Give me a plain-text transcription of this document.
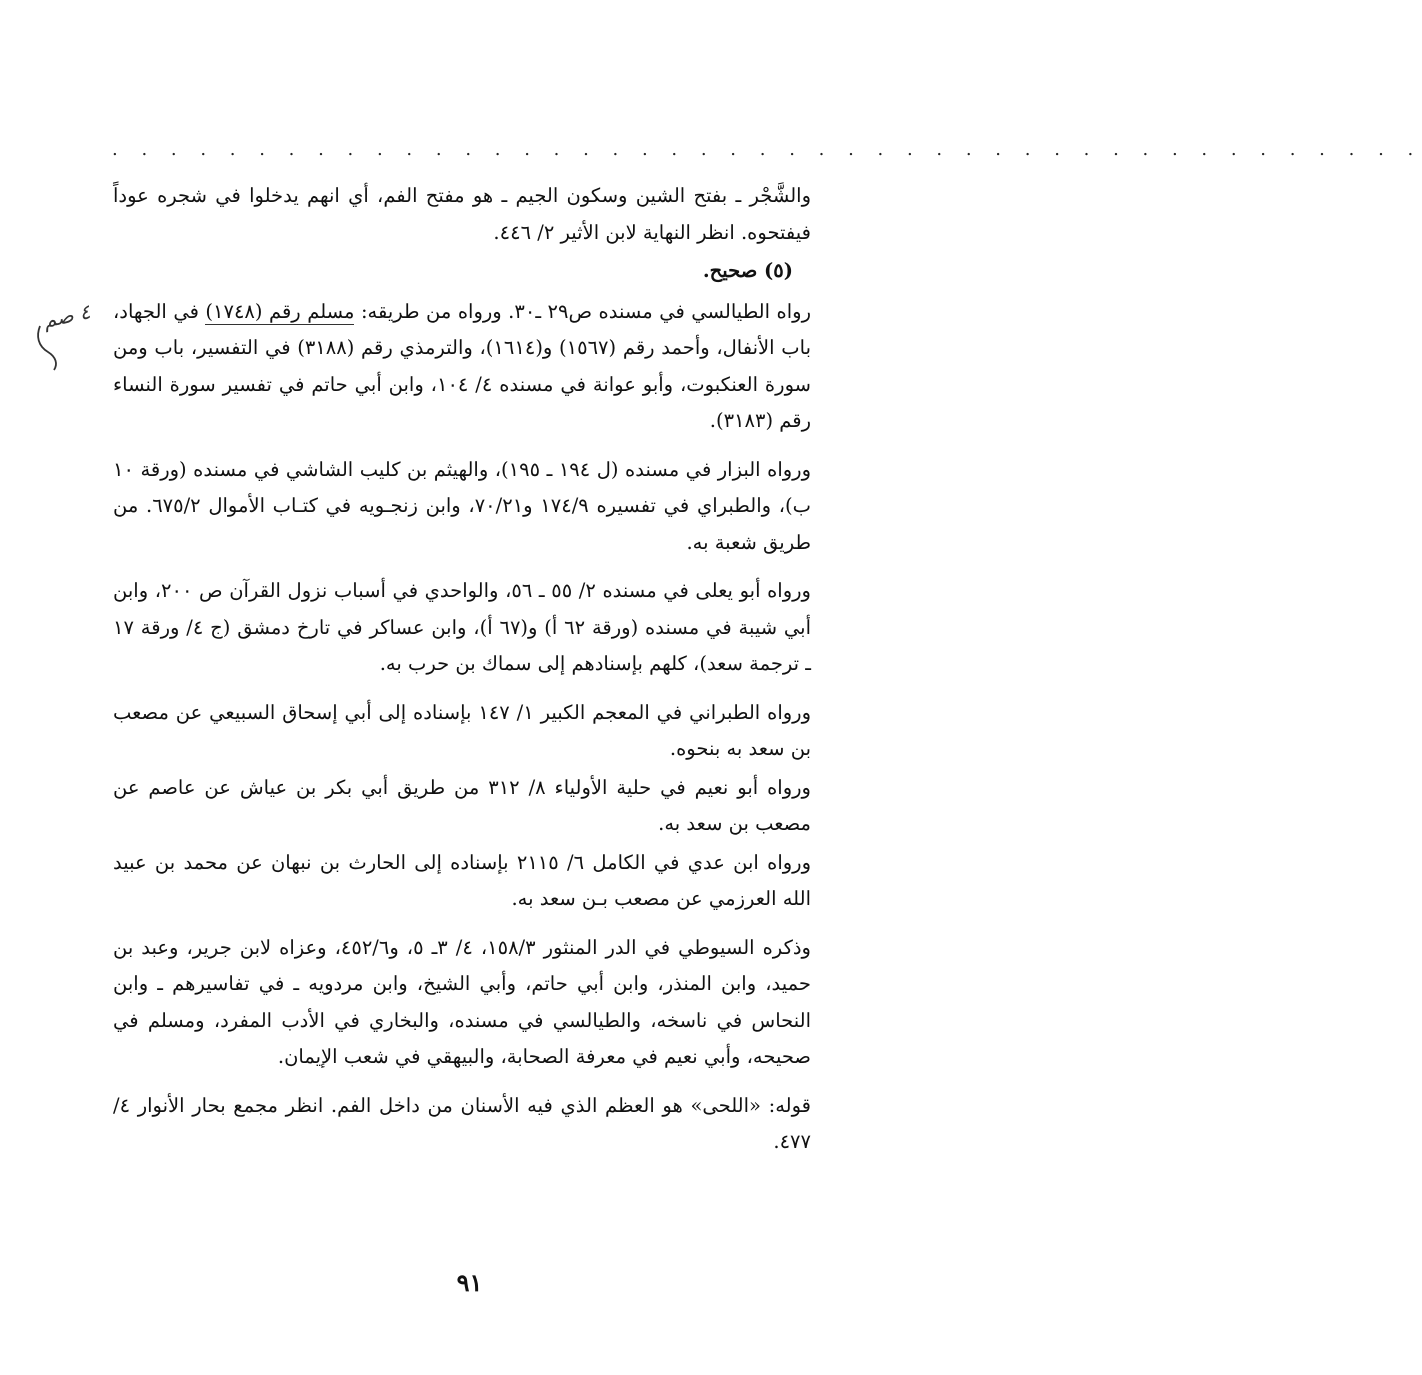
. . . . . . . . . . . . . . . . . . . . . . . . . . . . . . . . . . . . . . . . . . . . .
٤ صم

والشَّجْر ـ بفتح الشين وسكون الجيم ـ هو مفتح الفم، أي انهم يدخلوا في شجره عوداً فيفتحوه. انظر النهاية لابن الأثير ٢/ ٤٤٦.

(٥) صحيح.

رواه الطيالسي في مسنده ص٢٩ ـ٣٠. ورواه من طريقه: مسلم رقم (١٧٤٨) في الجهاد، باب الأنفال، وأحمد رقم (١٥٦٧) و(١٦١٤)، والترمذي رقم (٣١٨٨) في التفسير، باب ومن سورة العنكبوت، وأبو عوانة في مسنده ٤/ ١٠٤، وابن أبي حاتم في تفسير سورة النساء رقم (٣١٨٣).

ورواه البزار في مسنده (ل ١٩٤ ـ ١٩٥)، والهيثم بن كليب الشاشي في مسنده (ورقة ١٠ ب)، والطبراي في تفسيره ١٧٤/٩ و٧٠/٢١، وابن زنجـويه في كتـاب الأموال ٦٧٥/٢. من طريق شعبة به.

ورواه أبو يعلى في مسنده ٢/ ٥٥ ـ ٥٦، والواحدي في أسباب نزول القرآن ص ٢٠٠، وابن أبي شيبة في مسنده (ورقة ٦٢ أ) و(٦٧ أ)، وابن عساكر في تارخ دمشق (ج ٤/ ورقة ١٧ ـ ترجمة سعد)، كلهم بإسنادهم إلى سماك بن حرب به.

ورواه الطبراني في المعجم الكبير ١/ ١٤٧ بإسناده إلى أبي إسحاق السبيعي عن مصعب بن سعد به بنحوه.

ورواه أبو نعيم في حلية الأولياء ٨/ ٣١٢ من طريق أبي بكر بن عياش عن عاصم عن مصعب بن سعد به.

ورواه ابن عدي في الكامل ٦/ ٢١١٥ بإسناده إلى الحارث بن نبهان عن محمد بن عبيد الله العرزمي عن مصعب بـن سعد به.

وذكره السيوطي في الدر المنثور ١٥٨/٣، ٤/ ٣ـ ٥، و٤٥٢/٦، وعزاه لابن جرير، وعبد بن حميد، وابن المنذر، وابن أبي حاتم، وأبي الشيخ، وابن مردويه ـ في تفاسيرهم ـ وابن النحاس في ناسخه، والطيالسي في مسنده، والبخاري في الأدب المفرد، ومسلم في صحيحه، وأبي نعيم في معرفة الصحابة، والبيهقي في شعب الإيمان.

قوله: «اللحى» هو العظم الذي فيه الأسنان من داخل الفم. انظر مجمع بحار الأنوار ٤/ ٤٧٧.

٩١
